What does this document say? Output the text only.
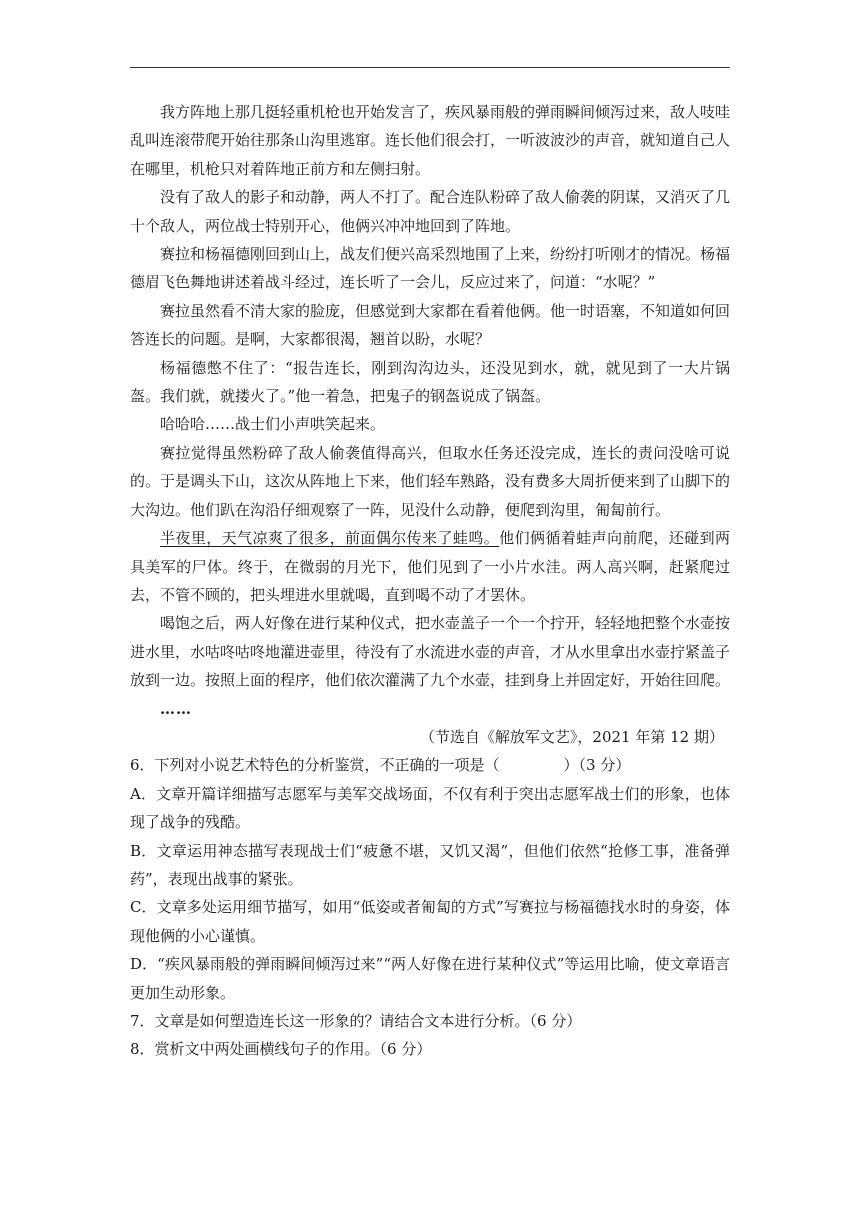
我方阵地上那几挺轻重机枪也开始发言了，疾风暴雨般的弹雨瞬间倾泻过来，敌人吱哇乱叫连滚带爬开始往那条山沟里逃窜。连长他们很会打，一听波波沙的声音，就知道自己人在哪里，机枪只对着阵地正前方和左侧扫射。

没有了敌人的影子和动静，两人不打了。配合连队粉碎了敌人偷袭的阴谋，又消灭了几十个敌人，两位战士特别开心，他俩兴冲冲地回到了阵地。

赛拉和杨福德刚回到山上，战友们便兴高采烈地围了上来，纷纷打听刚才的情况。杨福德眉飞色舞地讲述着战斗经过，连长听了一会儿，反应过来了，问道：“水呢？”

赛拉虽然看不清大家的脸庞，但感觉到大家都在看着他俩。他一时语塞，不知道如何回答连长的问题。是啊，大家都很渴，翘首以盼，水呢？

杨福德憋不住了：“报告连长，刚到沟沟边头，还没见到水，就，就见到了一大片锅盔。我们就，就搂火了。”他一着急，把鬼子的钢盔说成了锅盔。

哈哈哈……战士们小声哄笑起来。

赛拉觉得虽然粉碎了敌人偷袭值得高兴，但取水任务还没完成，连长的责问没啥可说的。于是调头下山，这次从阵地上下来，他们轻车熟路，没有费多大周折便来到了山脚下的大沟边。他们趴在沟沿仔细观察了一阵，见没什么动静，便爬到沟里，匍匐前行。

半夜里，天气凉爽了很多，前面偶尔传来了蛙鸣。他们俩循着蛙声向前爬，还碰到两具美军的尸体。终于，在微弱的月光下，他们见到了一小片水洼。两人高兴啊，赶紧爬过去，不管不顾的，把头埋进水里就喝，直到喝不动了才罢休。

喝饱之后，两人好像在进行某种仪式，把水壶盖子一个一个拧开，轻轻地把整个水壶按进水里，水咕咚咕咚地灌进壶里，待没有了水流进水壶的声音，才从水里拿出水壶拧紧盖子放到一边。按照上面的程序，他们依次灌满了九个水壶，挂到身上并固定好，开始往回爬。

……

（节选自《解放军文艺》，2021 年第 12 期）

6．下列对小说艺术特色的分析鉴赏，不正确的一项是（	）（3 分）

A．文章开篇详细描写志愿军与美军交战场面，不仅有利于突出志愿军战士们的形象，也体现了战争的残酷。

B．文章运用神态描写表现战士们“疲惫不堪，又饥又渴”，但他们依然“抢修工事，准备弹药”，表现出战事的紧张。

C．文章多处运用细节描写，如用“低姿或者匍匐的方式”写赛拉与杨福德找水时的身姿，体现他俩的小心谨慎。

D．“疾风暴雨般的弹雨瞬间倾泻过来”“两人好像在进行某种仪式”等运用比喻，使文章语言更加生动形象。

7．文章是如何塑造连长这一形象的？请结合文本进行分析。（6 分）

8．赏析文中两处画横线句子的作用。（6 分）
